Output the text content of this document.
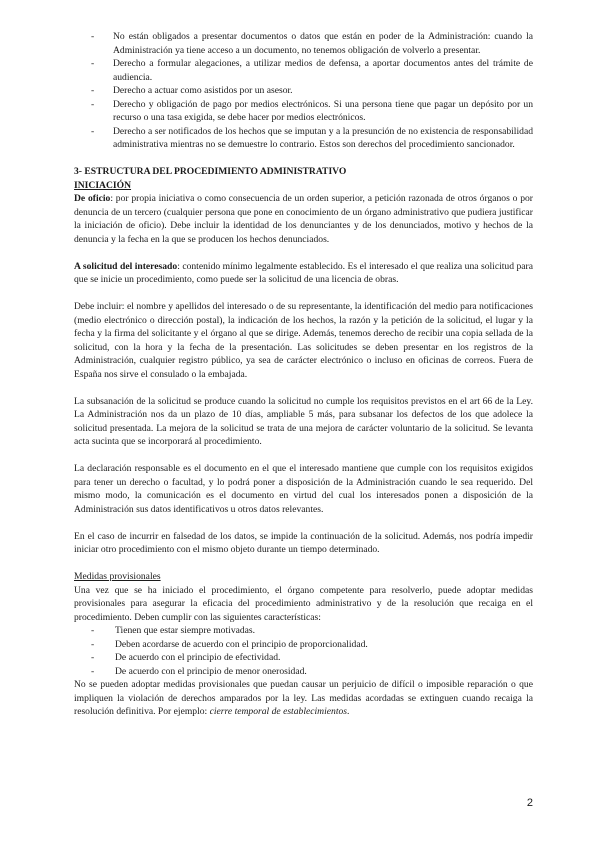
- No están obligados a presentar documentos o datos que están en poder de la Administración: cuando la Administración ya tiene acceso a un documento, no tenemos obligación de volverlo a presentar.
- Derecho a formular alegaciones, a utilizar medios de defensa, a aportar documentos antes del trámite de audiencia.
- Derecho a actuar como asistidos por un asesor.
- Derecho y obligación de pago por medios electrónicos. Si una persona tiene que pagar un depósito por un recurso o una tasa exigida, se debe hacer por medios electrónicos.
- Derecho a ser notificados de los hechos que se imputan y a la presunción de no existencia de responsabilidad administrativa mientras no se demuestre lo contrario. Estos son derechos del procedimiento sancionador.

3- ESTRUCTURA DEL PROCEDIMIENTO ADMINISTRATIVO

INICIACIÓN

De oficio: por propia iniciativa o como consecuencia de un orden superior, a petición razonada de otros órganos o por denuncia de un tercero (cualquier persona que pone en conocimiento de un órgano administrativo que pudiera justificar la iniciación de oficio). Debe incluir la identidad de los denunciantes y de los denunciados, motivo y hechos de la denuncia y la fecha en la que se producen los hechos denunciados.

A solicitud del interesado: contenido mínimo legalmente establecido. Es el interesado el que realiza una solicitud para que se inicie un procedimiento, como puede ser la solicitud de una licencia de obras.

Debe incluir: el nombre y apellidos del interesado o de su representante, la identificación del medio para notificaciones (medio electrónico o dirección postal), la indicación de los hechos, la razón y la petición de la solicitud, el lugar y la fecha y la firma del solicitante y el órgano al que se dirige. Además, tenemos derecho de recibir una copia sellada de la solicitud, con la hora y la fecha de la presentación. Las solicitudes se deben presentar en los registros de la Administración, cualquier registro público, ya sea de carácter electrónico o incluso en oficinas de correos. Fuera de España nos sirve el consulado o la embajada.

La subsanación de la solicitud se produce cuando la solicitud no cumple los requisitos previstos en el art 66 de la Ley. La Administración nos da un plazo de 10 días, ampliable 5 más, para subsanar los defectos de los que adolece la solicitud presentada. La mejora de la solicitud se trata de una mejora de carácter voluntario de la solicitud. Se levanta acta sucinta que se incorporará al procedimiento.

La declaración responsable es el documento en el que el interesado mantiene que cumple con los requisitos exigidos para tener un derecho o facultad, y lo podrá poner a disposición de la Administración cuando le sea requerido. Del mismo modo, la comunicación es el documento en virtud del cual los interesados ponen a disposición de la Administración sus datos identificativos u otros datos relevantes.

En el caso de incurrir en falsedad de los datos, se impide la continuación de la solicitud. Además, nos podría impedir iniciar otro procedimiento con el mismo objeto durante un tiempo determinado.

Medidas provisionales

Una vez que se ha iniciado el procedimiento, el órgano competente para resolverlo, puede adoptar medidas provisionales para asegurar la eficacia del procedimiento administrativo y de la resolución que recaiga en el procedimiento. Deben cumplir con las siguientes características:

- Tienen que estar siempre motivadas.
- Deben acordarse de acuerdo con el principio de proporcionalidad.
- De acuerdo con el principio de efectividad.
- De acuerdo con el principio de menor onerosidad.

No se pueden adoptar medidas provisionales que puedan causar un perjuicio de difícil o imposible reparación o que impliquen la violación de derechos amparados por la ley. Las medidas acordadas se extinguen cuando recaiga la resolución definitiva. Por ejemplo: cierre temporal de establecimientos.

2
